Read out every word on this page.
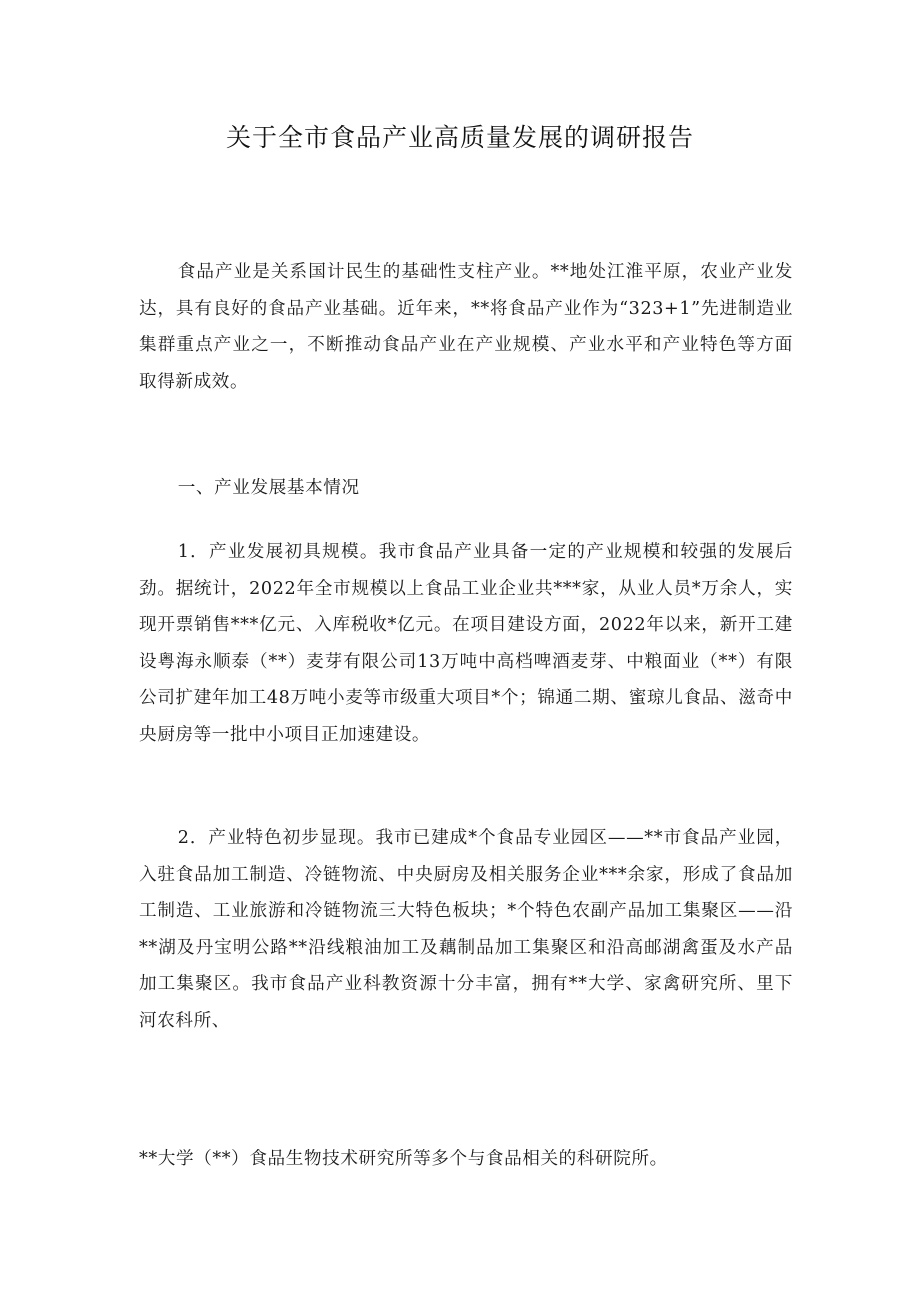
关于全市食品产业高质量发展的调研报告

食品产业是关系国计民生的基础性支柱产业。**地处江淮平原，农业产业发达，具有良好的食品产业基础。近年来，**将食品产业作为“323+1”先进制造业集群重点产业之一，不断推动食品产业在产业规模、产业水平和产业特色等方面取得新成效。

一、产业发展基本情况

1．产业发展初具规模。我市食品产业具备一定的产业规模和较强的发展后劲。据统计，2022年全市规模以上食品工业企业共***家，从业人员*万余人，实现开票销售***亿元、入库税收*亿元。在项目建设方面，2022年以来，新开工建设粤海永顺泰（**）麦芽有限公司13万吨中高档啤酒麦芽、中粮面业（**）有限公司扩建年加工48万吨小麦等市级重大项目*个；锦通二期、蜜琼儿食品、滋奇中央厨房等一批中小项目正加速建设。

2．产业特色初步显现。我市已建成*个食品专业园区——**市食品产业园，入驻食品加工制造、冷链物流、中央厨房及相关服务企业***余家，形成了食品加工制造、工业旅游和冷链物流三大特色板块；*个特色农副产品加工集聚区——沿**湖及丹宝明公路**沿线粮油加工及藕制品加工集聚区和沿高邮湖禽蛋及水产品加工集聚区。我市食品产业科教资源十分丰富，拥有**大学、家禽研究所、里下河农科所、

**大学（**）食品生物技术研究所等多个与食品相关的科研院所。
